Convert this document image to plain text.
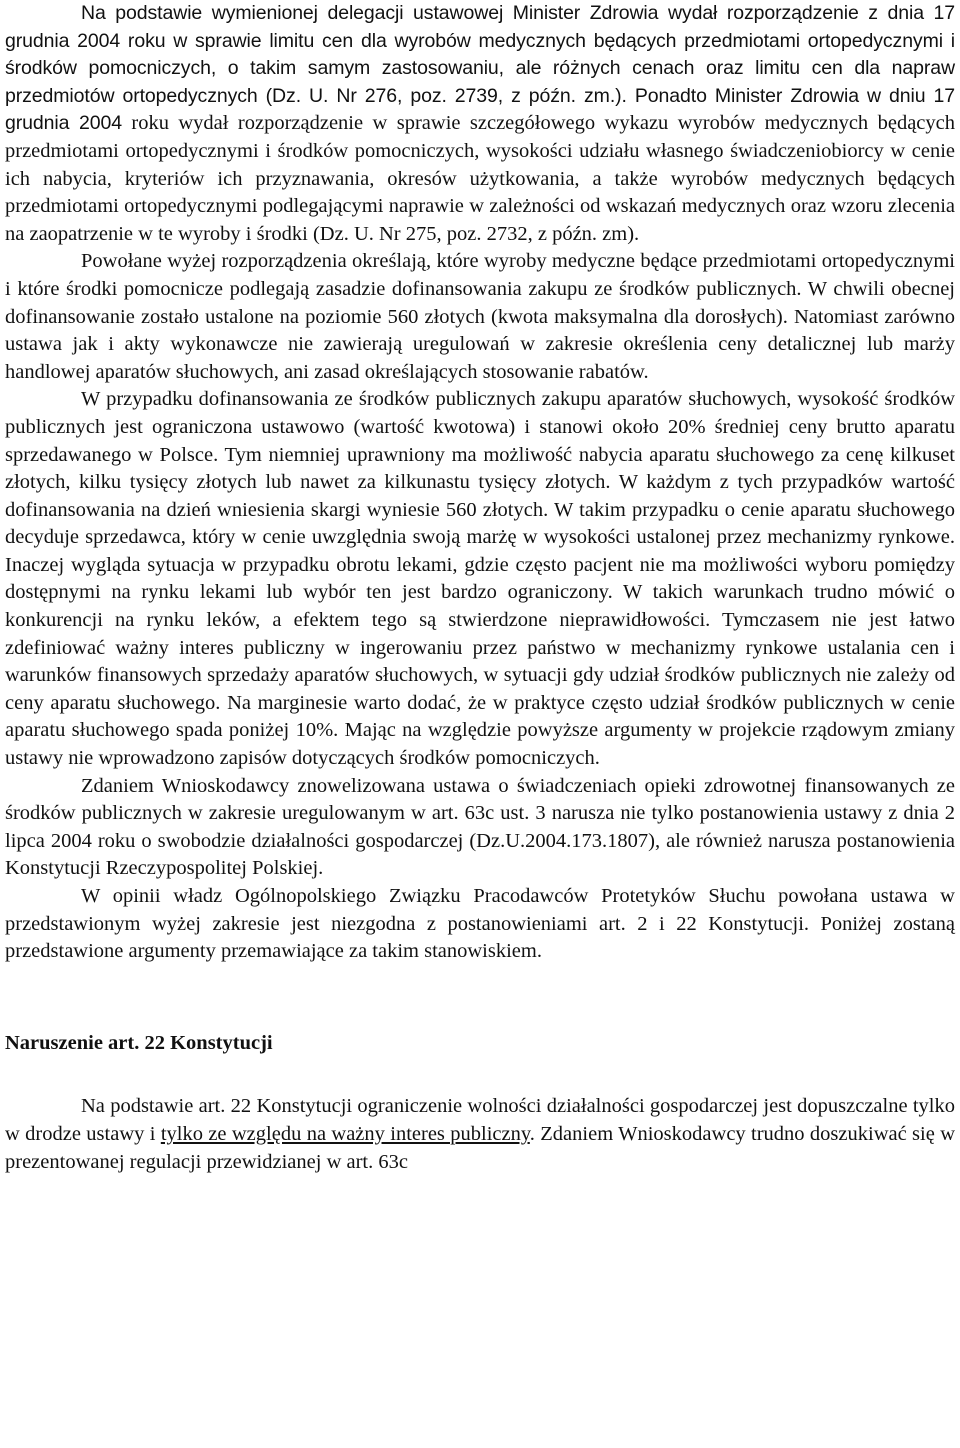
Na podstawie wymienionej delegacji ustawowej Minister Zdrowia wydał rozporządzenie z dnia 17 grudnia 2004 roku w sprawie limitu cen dla wyrobów medycznych będących przedmiotami ortopedycznymi i środków pomocniczych, o takim samym zastosowaniu, ale różnych cenach oraz limitu cen dla napraw przedmiotów ortopedycznych (Dz. U. Nr 276, poz. 2739, z późn. zm.). Ponadto Minister Zdrowia w dniu 17 grudnia 2004 roku wydał rozporządzenie w sprawie szczegółowego wykazu wyrobów medycznych będących przedmiotami ortopedycznymi i środków pomocniczych, wysokości udziału własnego świadczeniobiorcy w cenie ich nabycia, kryteriów ich przyznawania, okresów użytkowania, a także wyrobów medycznych będących przedmiotami ortopedycznymi podlegającymi naprawie w zależności od wskazań medycznych oraz wzoru zlecenia na zaopatrzenie w te wyroby i środki (Dz. U. Nr 275, poz. 2732, z późn. zm).

Powołane wyżej rozporządzenia określają, które wyroby medyczne będące przedmiotami ortopedycznymi i które środki pomocnicze podlegają zasadzie dofinansowania zakupu ze środków publicznych. W chwili obecnej dofinansowanie zostało ustalone na poziomie 560 złotych (kwota maksymalna dla dorosłych). Natomiast zarówno ustawa jak i akty wykonawcze nie zawierają uregulowań w zakresie określenia ceny detalicznej lub marży handlowej aparatów słuchowych, ani zasad określających stosowanie rabatów.

W przypadku dofinansowania ze środków publicznych zakupu aparatów słuchowych, wysokość środków publicznych jest ograniczona ustawowo (wartość kwotowa) i stanowi około 20% średniej ceny brutto aparatu sprzedawanego w Polsce. Tym niemniej uprawniony ma możliwość nabycia aparatu słuchowego za cenę kilkuset złotych, kilku tysięcy złotych lub nawet za kilkunastu tysięcy złotych. W każdym z tych przypadków wartość dofinansowania na dzień wniesienia skargi wyniesie 560 złotych. W takim przypadku o cenie aparatu słuchowego decyduje sprzedawca, który w cenie uwzględnia swoją marżę w wysokości ustalonej przez mechanizmy rynkowe. Inaczej wygląda sytuacja w przypadku obrotu lekami, gdzie często pacjent nie ma możliwości wyboru pomiędzy dostępnymi na rynku lekami lub wybór ten jest bardzo ograniczony. W takich warunkach trudno mówić o konkurencji na rynku leków, a efektem tego są stwierdzone nieprawidłowości. Tymczasem nie jest łatwo zdefiniować ważny interes publiczny w ingerowaniu przez państwo w mechanizmy rynkowe ustalania cen i warunków finansowych sprzedaży aparatów słuchowych, w sytuacji gdy udział środków publicznych nie zależy od ceny aparatu słuchowego. Na marginesie warto dodać, że w praktyce często udział środków publicznych w cenie aparatu słuchowego spada poniżej 10%. Mając na względzie powyższe argumenty w projekcie rządowym zmiany ustawy nie wprowadzono zapisów dotyczących środków pomocniczych.

Zdaniem Wnioskodawcy znowelizowana ustawa o świadczeniach opieki zdrowotnej finansowanych ze środków publicznych w zakresie uregulowanym w art. 63c ust. 3 narusza nie tylko postanowienia ustawy z dnia 2 lipca 2004 roku o swobodzie działalności gospodarczej (Dz.U.2004.173.1807), ale również narusza postanowienia Konstytucji Rzeczypospolitej Polskiej.

W opinii władz Ogólnopolskiego Związku Pracodawców Protetyków Słuchu powołana ustawa w przedstawionym wyżej zakresie jest niezgodna z postanowieniami art. 2 i 22 Konstytucji. Poniżej zostaną przedstawione argumenty przemawiające za takim stanowiskiem.

Naruszenie art. 22 Konstytucji

Na podstawie art. 22 Konstytucji ograniczenie wolności działalności gospodarczej jest dopuszczalne tylko w drodze ustawy i tylko ze względu na ważny interes publiczny. Zdaniem Wnioskodawcy trudno doszukiwać się w prezentowanej regulacji przewidzianej w art. 63c
